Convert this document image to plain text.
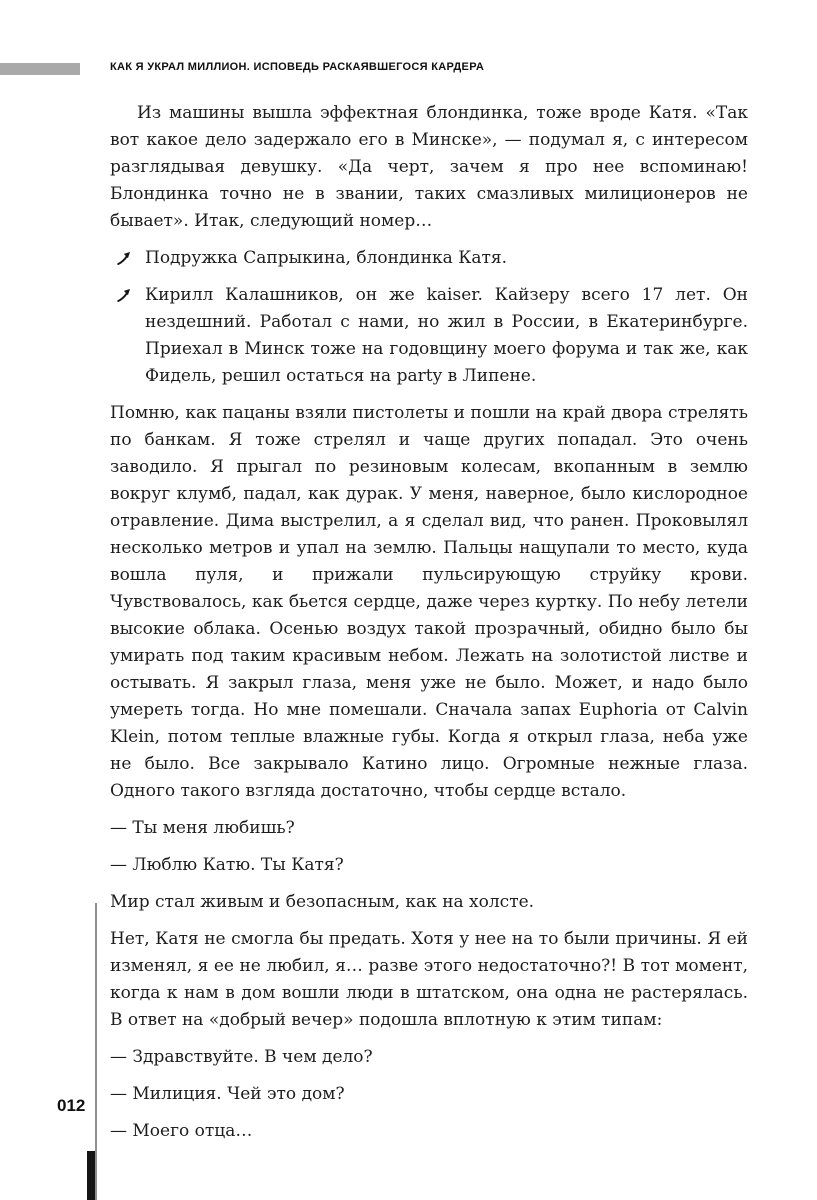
КАК Я УКРАЛ МИЛЛИОН. ИСПОВЕДЬ РАСКАЯВШЕГОСЯ КАРДЕРА

Из машины вышла эффектная блондинка, тоже вроде Катя. «Так вот какое дело задержало его в Минске», — подумал я, с интересом разглядывая девушку. «Да черт, зачем я про нее вспоминаю! Блондинка точно не в звании, таких смазливых милиционеров не бывает». Итак, следующий номер…

Подружка Сапрыкина, блондинка Катя.
Кирилл Калашников, он же kaiser. Кайзеру всего 17 лет. Он нездешний. Работал с нами, но жил в России, в Екатеринбурге. Приехал в Минск тоже на годовщину моего форума и так же, как Фидель, решил остаться на party в Липене.

Помню, как пацаны взяли пистолеты и пошли на край двора стрелять по банкам. Я тоже стрелял и чаще других попадал. Это очень заводило. Я прыгал по резиновым колесам, вкопанным в землю вокруг клумб, падал, как дурак. У меня, наверное, было кислородное отравление. Дима выстрелил, а я сделал вид, что ранен. Проковылял несколько метров и упал на землю. Пальцы нащупали то место, куда вошла пуля, и прижали пульсирующую струйку крови. Чувствовалось, как бьется сердце, даже через куртку. По небу летели высокие облака. Осенью воздух такой прозрачный, обидно было бы умирать под таким красивым небом. Лежать на золотистой листве и остывать. Я закрыл глаза, меня уже не было. Может, и надо было умереть тогда. Но мне помешали. Сначала запах Euphoria от Calvin Klein, потом теплые влажные губы. Когда я открыл глаза, неба уже не было. Все закрывало Катино лицо. Огромные нежные глаза. Одного такого взгляда достаточно, чтобы сердце встало.

— Ты меня любишь?

— Люблю Катю. Ты Катя?

Мир стал живым и безопасным, как на холсте.

Нет, Катя не смогла бы предать. Хотя у нее на то были причины. Я ей изменял, я ее не любил, я… разве этого недостаточно?! В тот момент, когда к нам в дом вошли люди в штатском, она одна не растерялась. В ответ на «добрый вечер» подошла вплотную к этим типам:

— Здравствуйте. В чем дело?

— Милиция. Чей это дом?

— Моего отца…

012
